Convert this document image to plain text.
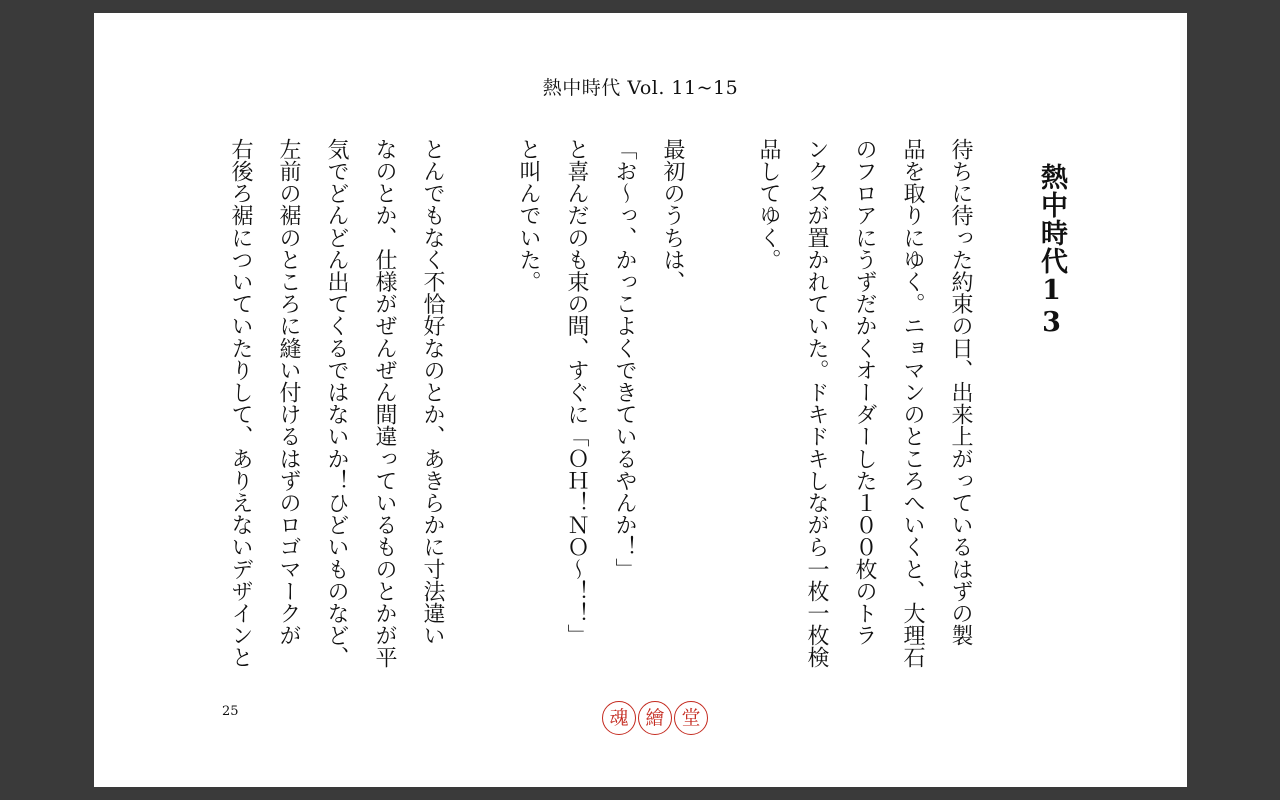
熱中時代 Vol. 11~15
熱中時代13
待ちに待った約束の日、出来上がっているはずの製
品を取りにゆく。ニョマンのところへいくと、大理石
のフロアにうずだかくオーダーした１００枚のトラ
ンクスが置かれていた。ドキドキしながら一枚一枚検
品してゆく。
最初のうちは、
「お～っ、かっこよくできているやんか！」
と喜んだのも束の間、すぐに「ＯＨ！ＮＯ～！！」
と叫んでいた。
とんでもなく不恰好なのとか、あきらかに寸法違い
なのとか、仕様がぜんぜん間違っているものとかが平
気でどんどん出てくるではないか！ひどいものなど、
左前の裾のところに縫い付けるはずのロゴマークが
右後ろ裾についていたりして、ありえないデザインと
25	魂 繪 堂
